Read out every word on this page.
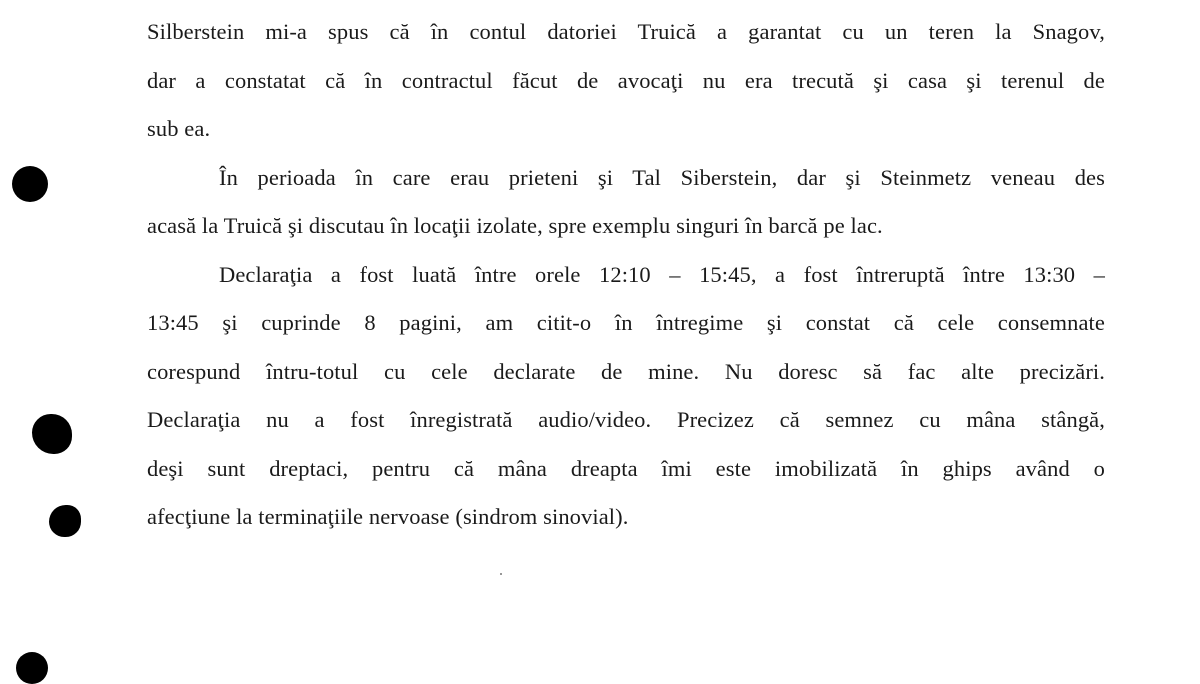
Silberstein mi-a spus că în contul datoriei Truică a garantat cu un teren la Snagov,
dar a constatat că în contractul făcut de avocaţi nu era trecută şi casa şi terenul de
sub ea.
În perioada în care erau prieteni şi Tal Siberstein, dar şi Steinmetz veneau des
acasă la Truică şi discutau în locaţii izolate, spre exemplu singuri în barcă pe lac.
Declaraţia a fost luată între orele 12:10 – 15:45, a fost întreruptă între 13:30 –
13:45 şi cuprinde 8 pagini, am citit-o în întregime şi constat că cele consemnate
corespund întru-totul cu cele declarate de mine. Nu doresc să fac alte precizări.
Declaraţia nu a fost înregistrată audio/video. Precizez că semnez cu mâna stângă,
deşi sunt dreptaci, pentru că mâna dreapta îmi este imobilizată în ghips având o
afecţiune la terminaţiile nervoase (sindrom sinovial).
